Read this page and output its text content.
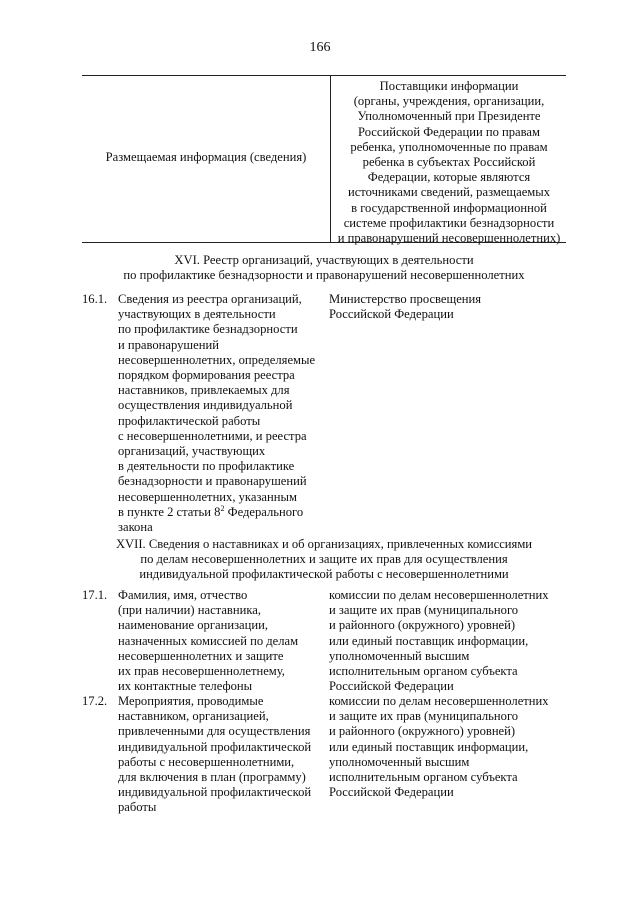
166
Размещаемая информация (сведения)
Поставщики информации
(органы, учреждения, организации,
Уполномоченный при Президенте
Российской Федерации по правам
ребенка, уполномоченные по правам
ребенка в субъектах Российской
Федерации, которые являются
источниками сведений, размещаемых
в государственной информационной
системе профилактики безнадзорности
и правонарушений несовершеннолетних)
XVI. Реестр организаций, участвующих в деятельности
по профилактике безнадзорности и правонарушений несовершеннолетних
16.1. Сведения из реестра организаций,
участвующих в деятельности
по профилактике безнадзорности
и правонарушений
несовершеннолетних, определяемые
порядком формирования реестра
наставников, привлекаемых для
осуществления индивидуальной
профилактической работы
с несовершеннолетними, и реестра
организаций, участвующих
в деятельности по профилактике
безнадзорности и правонарушений
несовершеннолетних, указанным
в пункте 2 статьи $8^2$ Федерального
закона
Министерство просвещения
Российской Федерации
XVII. Сведения о наставниках и об организациях, привлеченных комиссиями
по делам несовершеннолетних и защите их прав для осуществления
индивидуальной профилактической работы с несовершеннолетними
17.1. Фамилия, имя, отчество
(при наличии) наставника,
наименование организации,
назначенных комиссией по делам
несовершеннолетних и защите
их прав несовершеннолетнему,
их контактные телефоны
комиссии по делам несовершеннолетних
и защите их прав (муниципального
и районного (окружного) уровней)
или единый поставщик информации,
уполномоченный высшим
исполнительным органом субъекта
Российской Федерации
17.2. Мероприятия, проводимые
наставником, организацией,
привлеченными для осуществления
индивидуальной профилактической
работы с несовершеннолетними,
для включения в план (программу)
индивидуальной профилактической
работы
комиссии по делам несовершеннолетних
и защите их прав (муниципального
и районного (окружного) уровней)
или единый поставщик информации,
уполномоченный высшим
исполнительным органом субъекта
Российской Федерации
